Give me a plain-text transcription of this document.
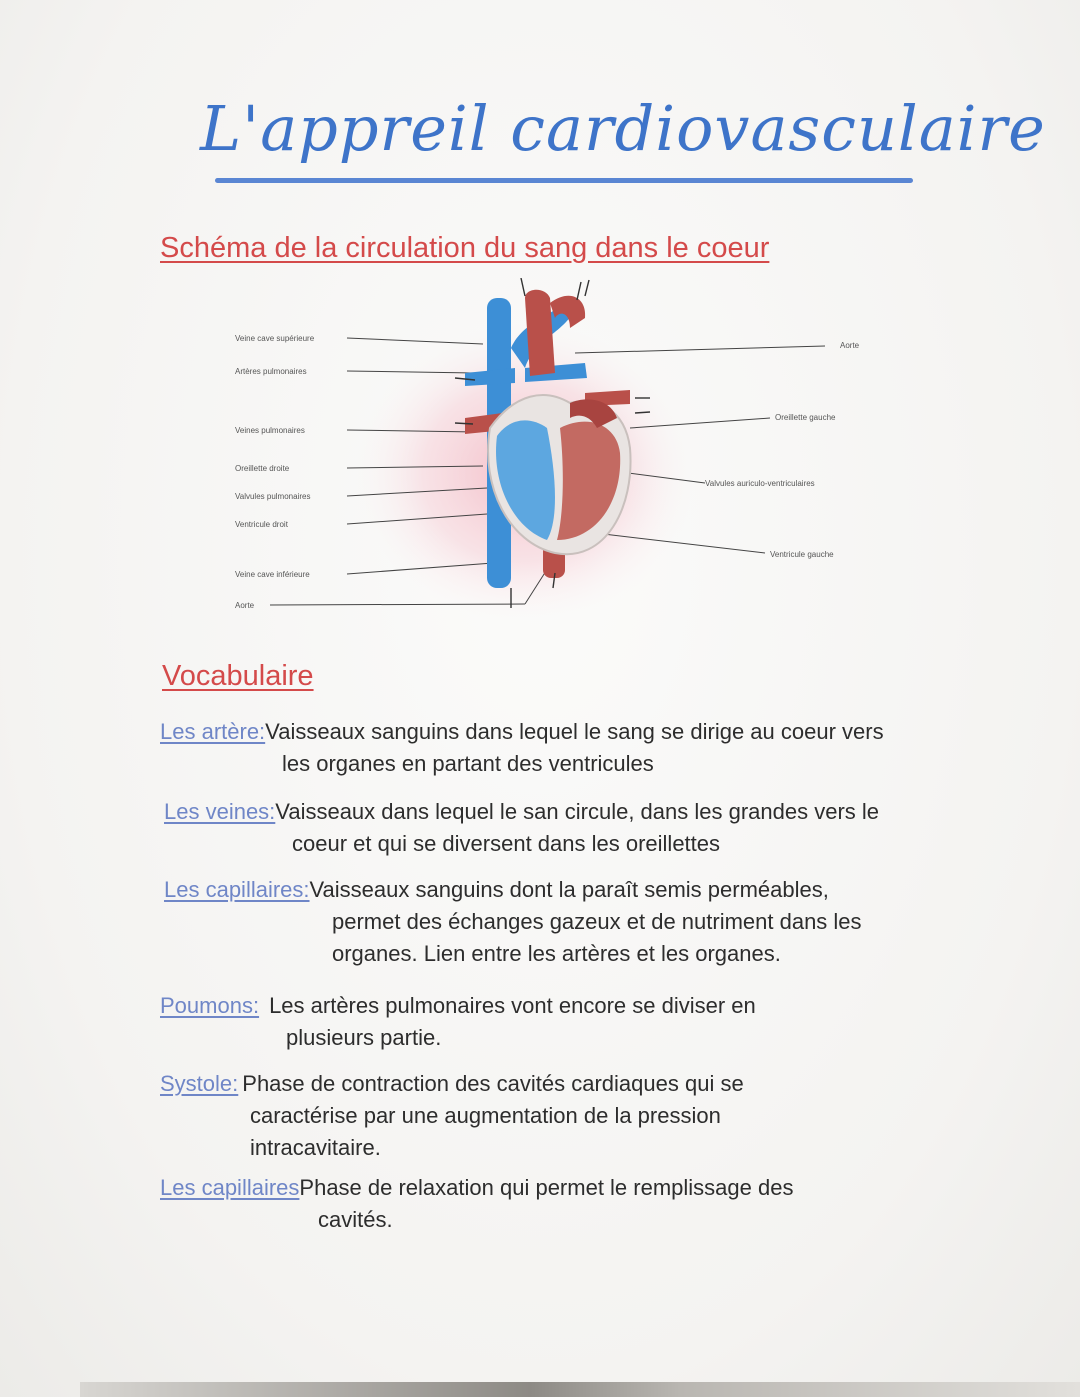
L'appreil cardiovasculaire
Schéma de la circulation du sang dans le coeur
Veine cave supérieure
Artères pulmonaires
Veines pulmonaires
Oreillette droite
Valvules pulmonaires
Ventricule droit
Veine cave inférieure
Aorte
Aorte
Oreillette gauche
Valvules auriculo-ventriculaires
Ventricule gauche
Vocabulaire
Les artère:Vaisseaux sanguins dans lequel le sang se dirige au coeur vers
les organes en partant des ventricules
Les veines:Vaisseaux dans lequel le san circule, dans les grandes vers le
coeur et qui se diversent dans les oreillettes
Les capillaires:Vaisseaux sanguins dont la paraît semis perméables,
permet des échanges gazeux et de nutriment dans les
organes. Lien entre les artères et les organes.
Poumons: Les artères pulmonaires vont encore se diviser en
plusieurs partie.
Systole: Phase de contraction des cavités cardiaques qui se
caractérise par une augmentation de la pression
intracavitaire.
Les capillairesPhase de relaxation qui permet le remplissage des
cavités.
